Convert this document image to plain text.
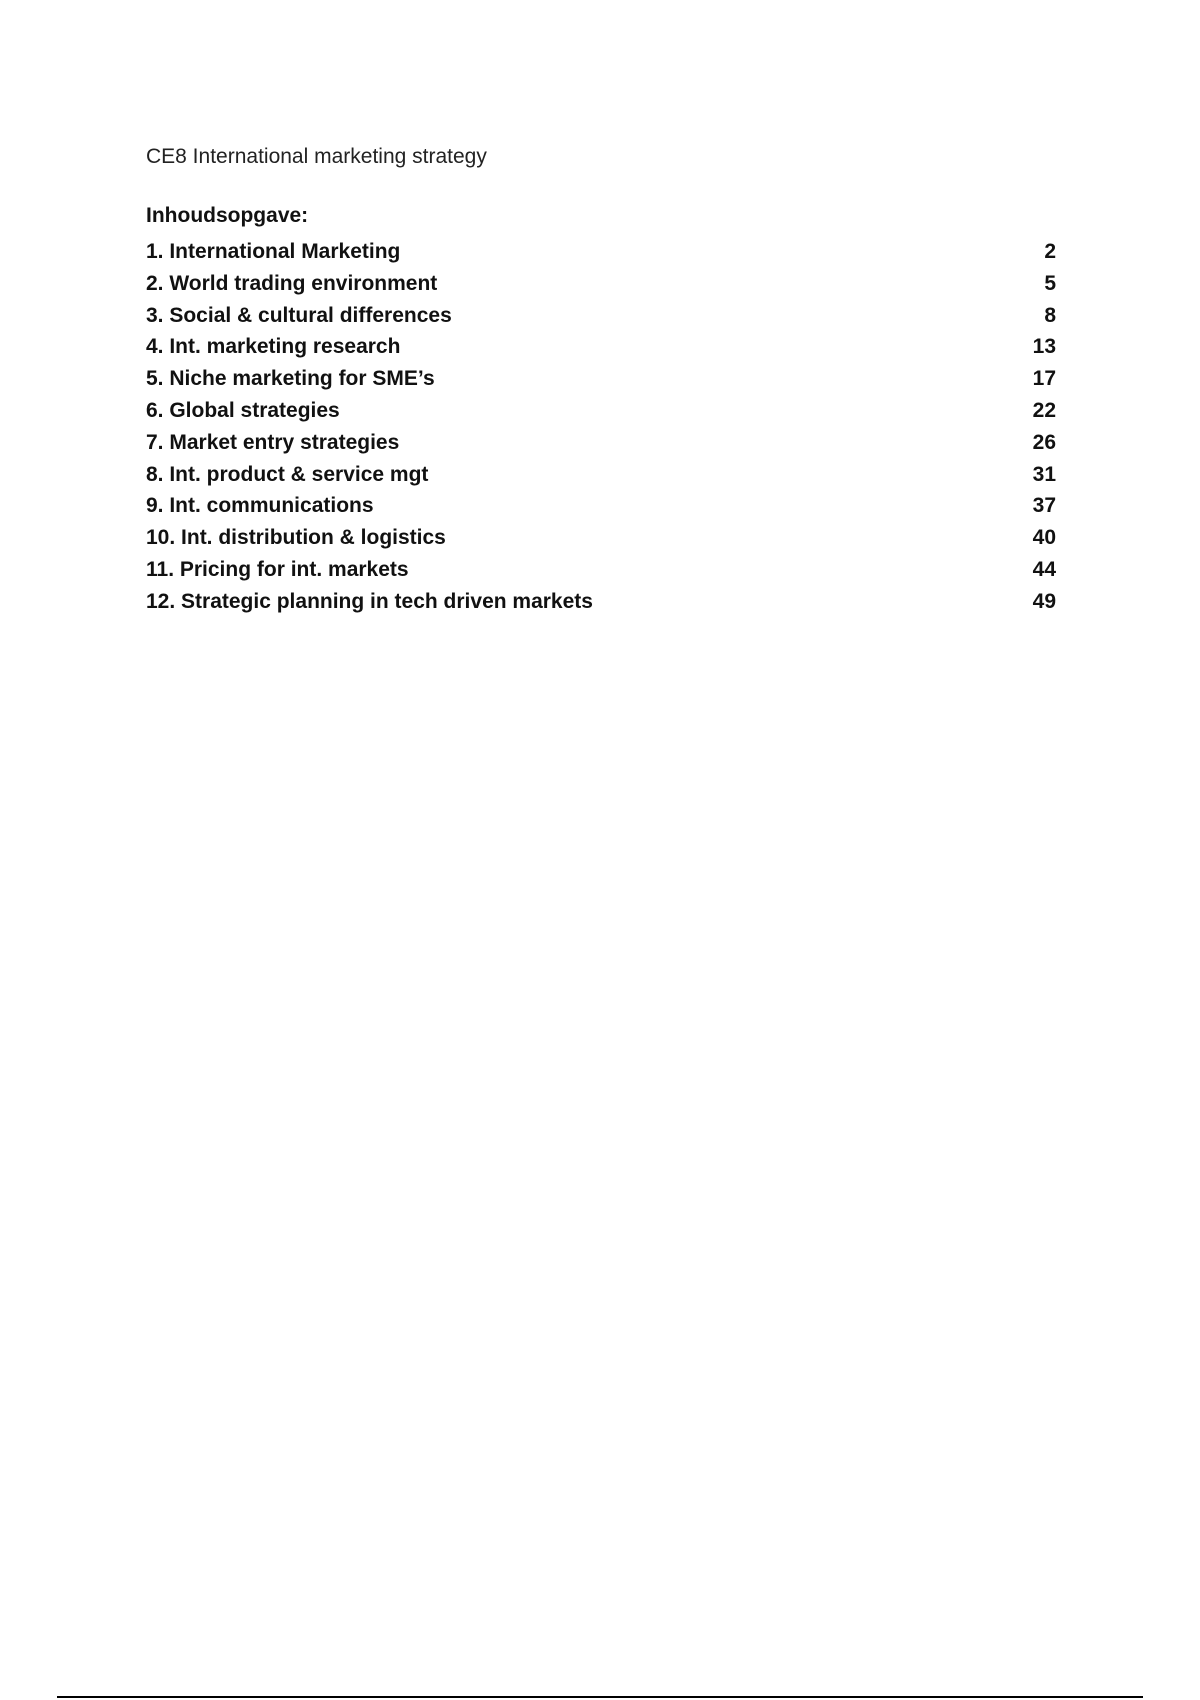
CE8 International marketing strategy

Inhoudsopgave:

1. International Marketing	2
2. World trading environment	5
3. Social & cultural differences	8
4. Int. marketing research	13
5. Niche marketing for SME’s	17
6. Global strategies	22
7. Market entry strategies	26
8. Int. product & service mgt	31
9. Int. communications	37
10. Int. distribution & logistics	40
11. Pricing for int. markets	44
12. Strategic planning in tech driven markets	49
